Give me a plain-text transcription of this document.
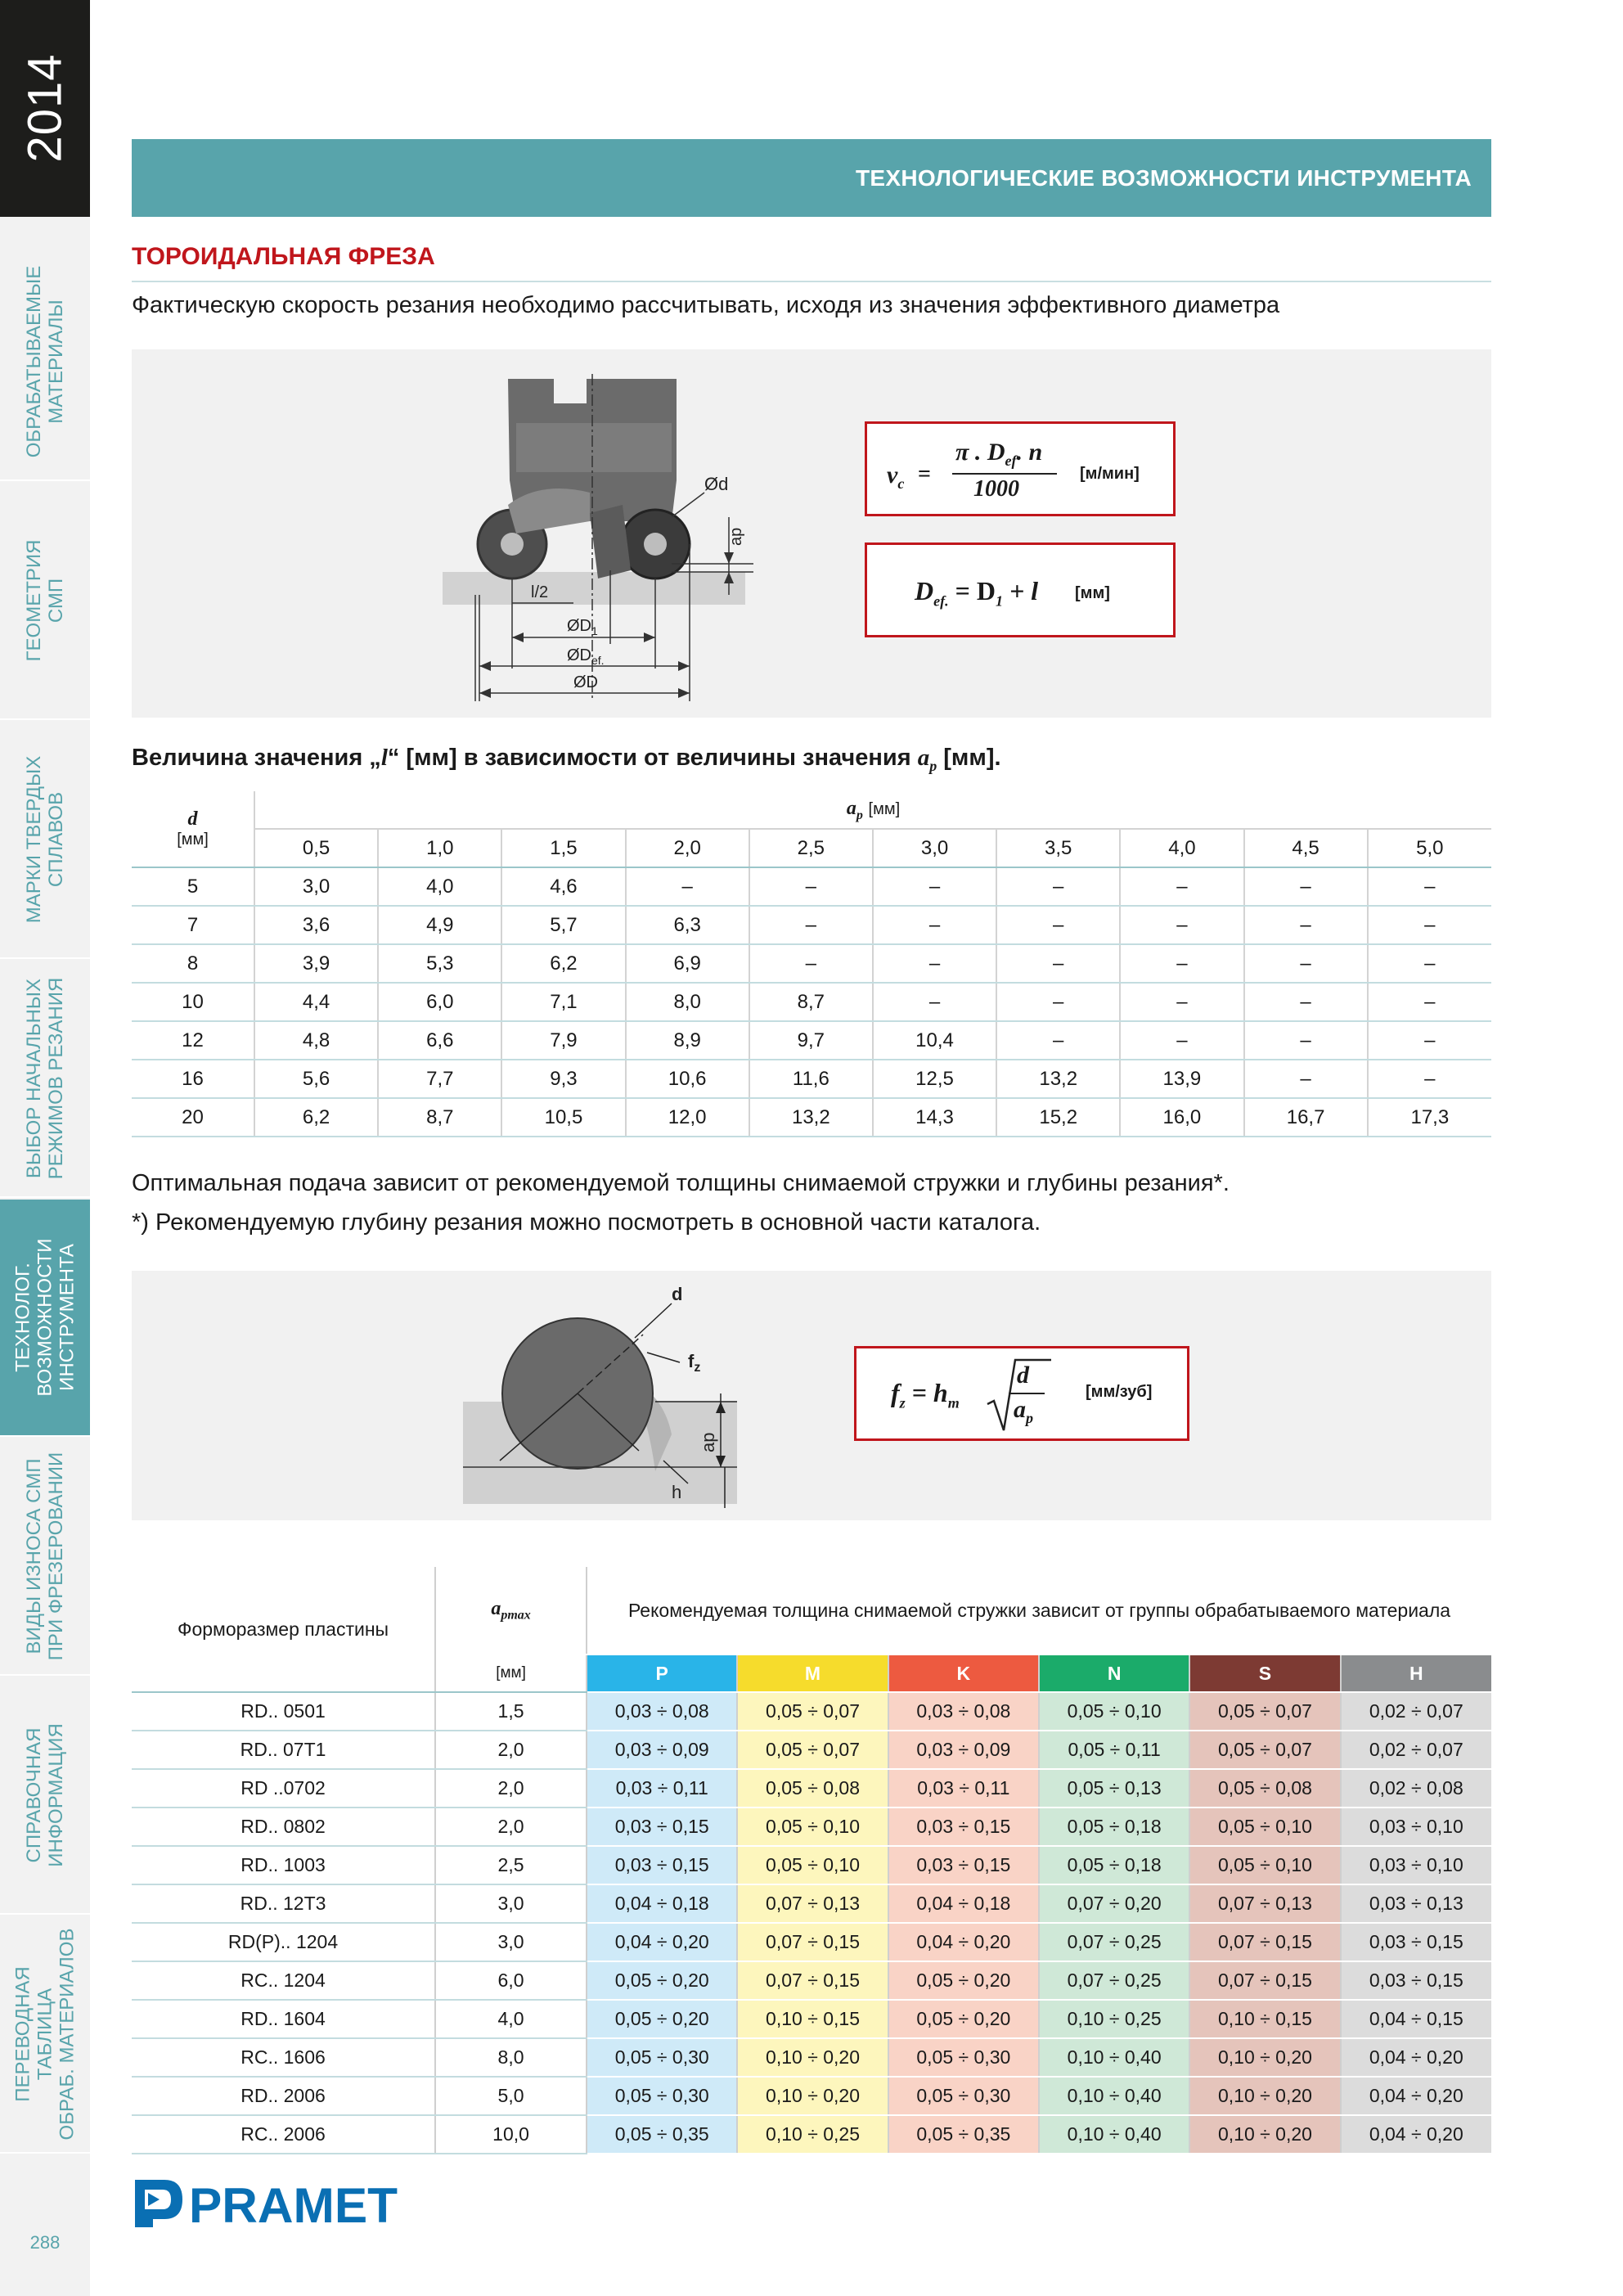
2014
ОБРАБАТЫВАЕМЫЕ
МАТЕРИАЛЫ
ГЕОМЕТРИЯ
СМП
МАРКИ ТВЕРДЫХ
СПЛАВОВ
ВЫБОР НАЧАЛЬНЫХ
РЕЖИМОВ РЕЗАНИЯ
ТЕХНОЛОГ. ВОЗМОЖНОСТИ
ИНСТРУМЕНТА
ВИДЫ ИЗНОСА СМП
ПРИ ФРЕЗЕРОВАНИИ
СПРАВОЧНАЯ
ИНФОРМАЦИЯ
ПЕРЕВОДНАЯ ТАБЛИЦА
ОБРАБ. МАТЕРИАЛОВ
288
ТЕХНОЛОГИЧЕСКИЕ ВОЗМОЖНОСТИ ИНСТРУМЕНТА
ТОРОИДАЛЬНАЯ ФРЕЗА
Фактическую скорость резания необходимо рассчитывать, исходя из значения эффективного диаметра
Ød
ap
l/2
$ØD_1$
$ØD_{ef.}$
ØD
$v_c$ =
π . $D_{ef}$. n
1000
[м/мин]
$D_{ef.} = D_1 + l$ [мм]
Величина значения „l“ [мм] в зависимости от величины значения $a_p$ [мм].
d
[мм]	$a_p$ [мм]									
	0,5	1,0	1,5	2,0	2,5	3,0	3,5	4,0	4,5	5,0
5	3,0	4,0	4,6	–	–	–	–	–	–	–
7	3,6	4,9	5,7	6,3	–	–	–	–	–	–
8	3,9	5,3	6,2	6,9	–	–	–	–	–	–
10	4,4	6,0	7,1	8,0	8,7	–	–	–	–	–
12	4,8	6,6	7,9	8,9	9,7	10,4	–	–	–	–
16	5,6	7,7	9,3	10,6	11,6	12,5	13,2	13,9	–	–
20	6,2	8,7	10,5	12,0	13,2	14,3	15,2	16,0	16,7	17,3
Оптимальная подача зависит от рекомендуемой толщины снимаемой стружки и глубины резания*.
*) Рекомендуемую глубину резания можно посмотреть в основной части каталога.
d
$f_z$
ap
h
$f_z = h_m$
d
$a_p$
[мм/зуб]
Форморазмер пластины	$a_{pmax}$	Рекомендуемая толщина снимаемой стружки зависит от группы обрабатываемого материала					
	[мм]	P	M	K	N	S	H
RD.. 0501	1,5	0,03 ÷ 0,08	0,05 ÷ 0,07	0,03 ÷ 0,08	0,05 ÷ 0,10	0,05 ÷ 0,07	0,02 ÷ 0,07
RD.. 07T1	2,0	0,03 ÷ 0,09	0,05 ÷ 0,07	0,03 ÷ 0,09	0,05 ÷ 0,11	0,05 ÷ 0,07	0,02 ÷ 0,07
RD ..0702	2,0	0,03 ÷ 0,11	0,05 ÷ 0,08	0,03 ÷ 0,11	0,05 ÷ 0,13	0,05 ÷ 0,08	0,02 ÷ 0,08
RD.. 0802	2,0	0,03 ÷ 0,15	0,05 ÷ 0,10	0,03 ÷ 0,15	0,05 ÷ 0,18	0,05 ÷ 0,10	0,03 ÷ 0,10
RD.. 1003	2,5	0,03 ÷ 0,15	0,05 ÷ 0,10	0,03 ÷ 0,15	0,05 ÷ 0,18	0,05 ÷ 0,10	0,03 ÷ 0,10
RD.. 12T3	3,0	0,04 ÷ 0,18	0,07 ÷ 0,13	0,04 ÷ 0,18	0,07 ÷ 0,20	0,07 ÷ 0,13	0,03 ÷ 0,13
RD(P).. 1204	3,0	0,04 ÷ 0,20	0,07 ÷ 0,15	0,04 ÷ 0,20	0,07 ÷ 0,25	0,07 ÷ 0,15	0,03 ÷ 0,15
RC.. 1204	6,0	0,05 ÷ 0,20	0,07 ÷ 0,15	0,05 ÷ 0,20	0,07 ÷ 0,25	0,07 ÷ 0,15	0,03 ÷ 0,15
RD.. 1604	4,0	0,05 ÷ 0,20	0,10 ÷ 0,15	0,05 ÷ 0,20	0,10 ÷ 0,25	0,10 ÷ 0,15	0,04 ÷ 0,15
RC.. 1606	8,0	0,05 ÷ 0,30	0,10 ÷ 0,20	0,05 ÷ 0,30	0,10 ÷ 0,40	0,10 ÷ 0,20	0,04 ÷ 0,20
RD.. 2006	5,0	0,05 ÷ 0,30	0,10 ÷ 0,20	0,05 ÷ 0,30	0,10 ÷ 0,40	0,10 ÷ 0,20	0,04 ÷ 0,20
RC.. 2006	10,0	0,05 ÷ 0,35	0,10 ÷ 0,25	0,05 ÷ 0,35	0,10 ÷ 0,40	0,10 ÷ 0,20	0,04 ÷ 0,20
PRAMET
